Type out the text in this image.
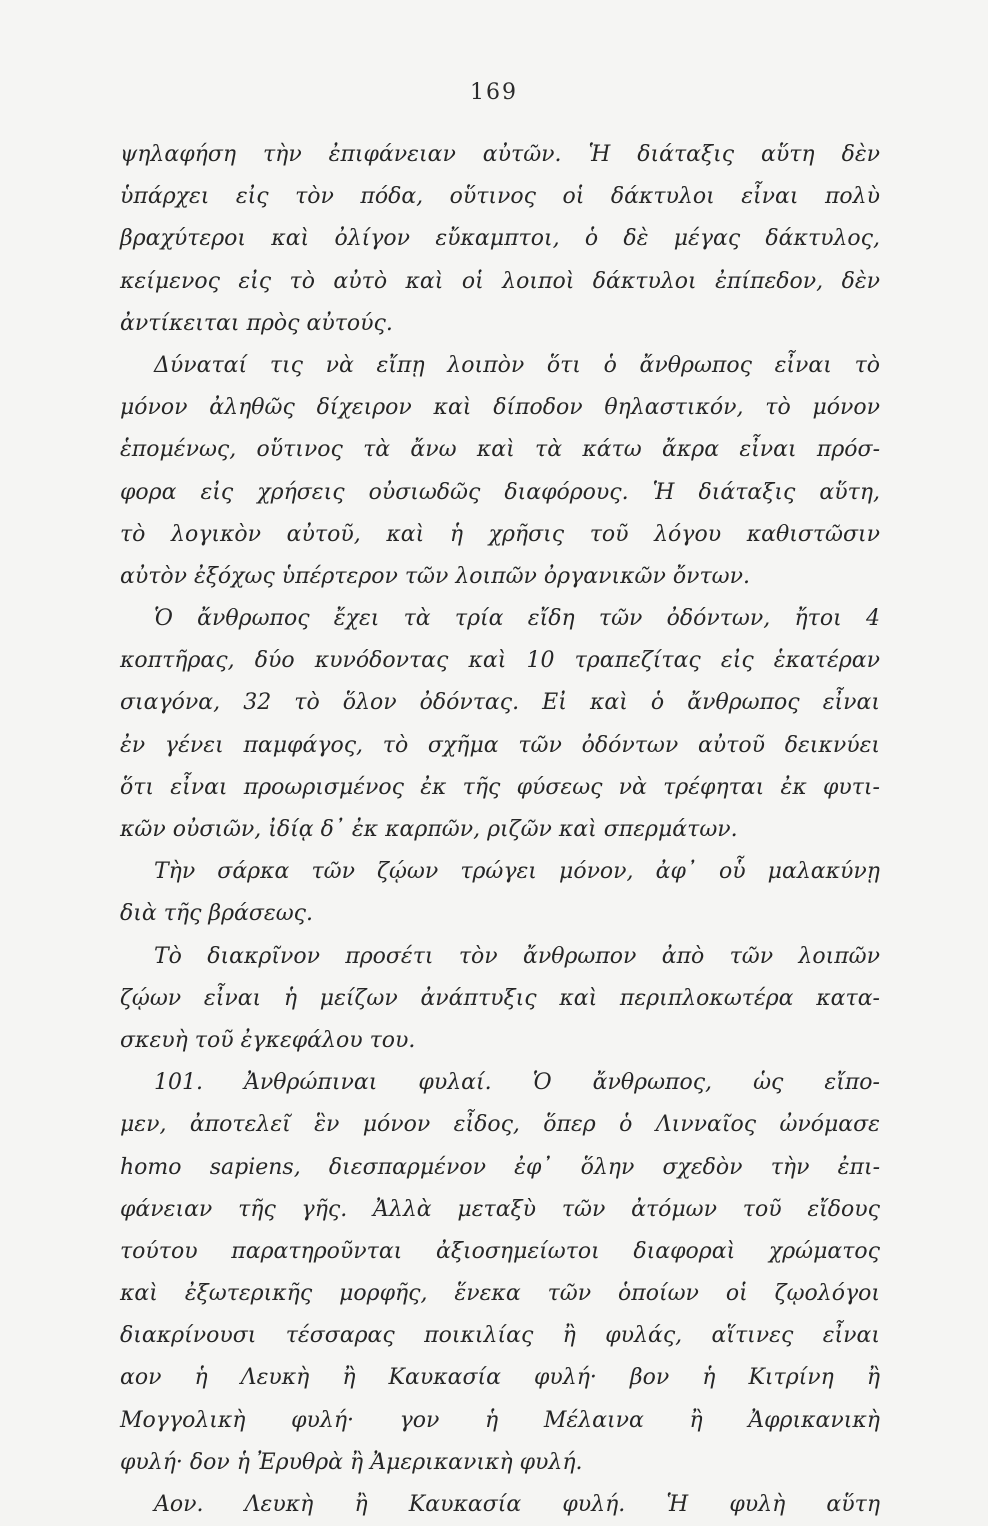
169
ψηλαφήση τὴν ἐπιφάνειαν αὐτῶν. Ἡ διάταξις αὕτη δὲν
ὑπάρχει εἰς τὸν πόδα, οὕτινος οἱ δάκτυλοι εἶναι πολὺ
βραχύτεροι καὶ ὀλίγον εὔκαμπτοι, ὁ δὲ μέγας δάκτυλος,
κείμενος εἰς τὸ αὐτὸ καὶ οἱ λοιποὶ δάκτυλοι ἐπίπεδον, δὲν
ἀντίκειται πρὸς αὐτούς.
Δύναταί τις νὰ εἴπῃ λοιπὸν ὅτι ὁ ἄνθρωπος εἶναι τὸ
μόνον ἀληθῶς δίχειρον καὶ δίποδον θηλαστικόν, τὸ μόνον
ἑπομένως, οὕτινος τὰ ἄνω καὶ τὰ κάτω ἄκρα εἶναι πρόσ-
φορα εἰς χρήσεις οὐσιωδῶς διαφόρους. Ἡ διάταξις αὕτη,
τὸ λογικὸν αὐτοῦ, καὶ ἡ χρῆσις τοῦ λόγου καθιστῶσιν
αὐτὸν ἐξόχως ὑπέρτερον τῶν λοιπῶν ὀργανικῶν ὄντων.
Ὁ ἄνθρωπος ἔχει τὰ τρία εἴδη τῶν ὀδόντων, ἤτοι 4
κοπτῆρας, δύο κυνόδοντας καὶ 10 τραπεζίτας εἰς ἑκατέραν
σιαγόνα, 32 τὸ ὅλον ὀδόντας. Εἰ καὶ ὁ ἄνθρωπος εἶναι
ἐν γένει παμφάγος, τὸ σχῆμα τῶν ὀδόντων αὐτοῦ δεικνύει
ὅτι εἶναι προωρισμένος ἐκ τῆς φύσεως νὰ τρέφηται ἐκ φυτι-
κῶν οὐσιῶν, ἰδίᾳ δ᾽ ἐκ καρπῶν, ριζῶν καὶ σπερμάτων.
Τὴν σάρκα τῶν ζῴων τρώγει μόνον, ἀφ᾽ οὗ μαλακύνῃ
διὰ τῆς βράσεως.
Τὸ διακρῖνον προσέτι τὸν ἄνθρωπον ἀπὸ τῶν λοιπῶν
ζῴων εἶναι ἡ μείζων ἀνάπτυξις καὶ περιπλοκωτέρα κατα-
σκευὴ τοῦ ἐγκεφάλου του.
101. Ἀνθρώπιναι φυλαί. Ὁ ἄνθρωπος, ὡς εἴπο-
μεν, ἀποτελεῖ ἓν μόνον εἶδος, ὅπερ ὁ Λινναῖος ὠνόμασε
homo sapiens, διεσπαρμένον ἐφ᾽ ὅλην σχεδὸν τὴν ἐπι-
φάνειαν τῆς γῆς. Ἀλλὰ μεταξὺ τῶν ἀτόμων τοῦ εἴδους
τούτου παρατηροῦνται ἀξιοσημείωτοι διαφοραὶ χρώματος
καὶ ἐξωτερικῆς μορφῆς, ἕνεκα τῶν ὁποίων οἱ ζῳολόγοι
διακρίνουσι τέσσαρας ποικιλίας ἢ φυλάς, αἵτινες εἶναι
αον ἡ Λευκὴ ἢ Καυκασία φυλή· βον ἡ Κιτρίνη ἢ
Μογγολικὴ φυλή· γον ἡ Μέλαινα ἢ Ἀφρικανικὴ
φυλή· δον ἡ Ἐρυθρὰ ἢ Ἀμερικανικὴ φυλή.
Αον. Λευκὴ ἢ Καυκασία φυλή. Ἡ φυλὴ αὕτη
